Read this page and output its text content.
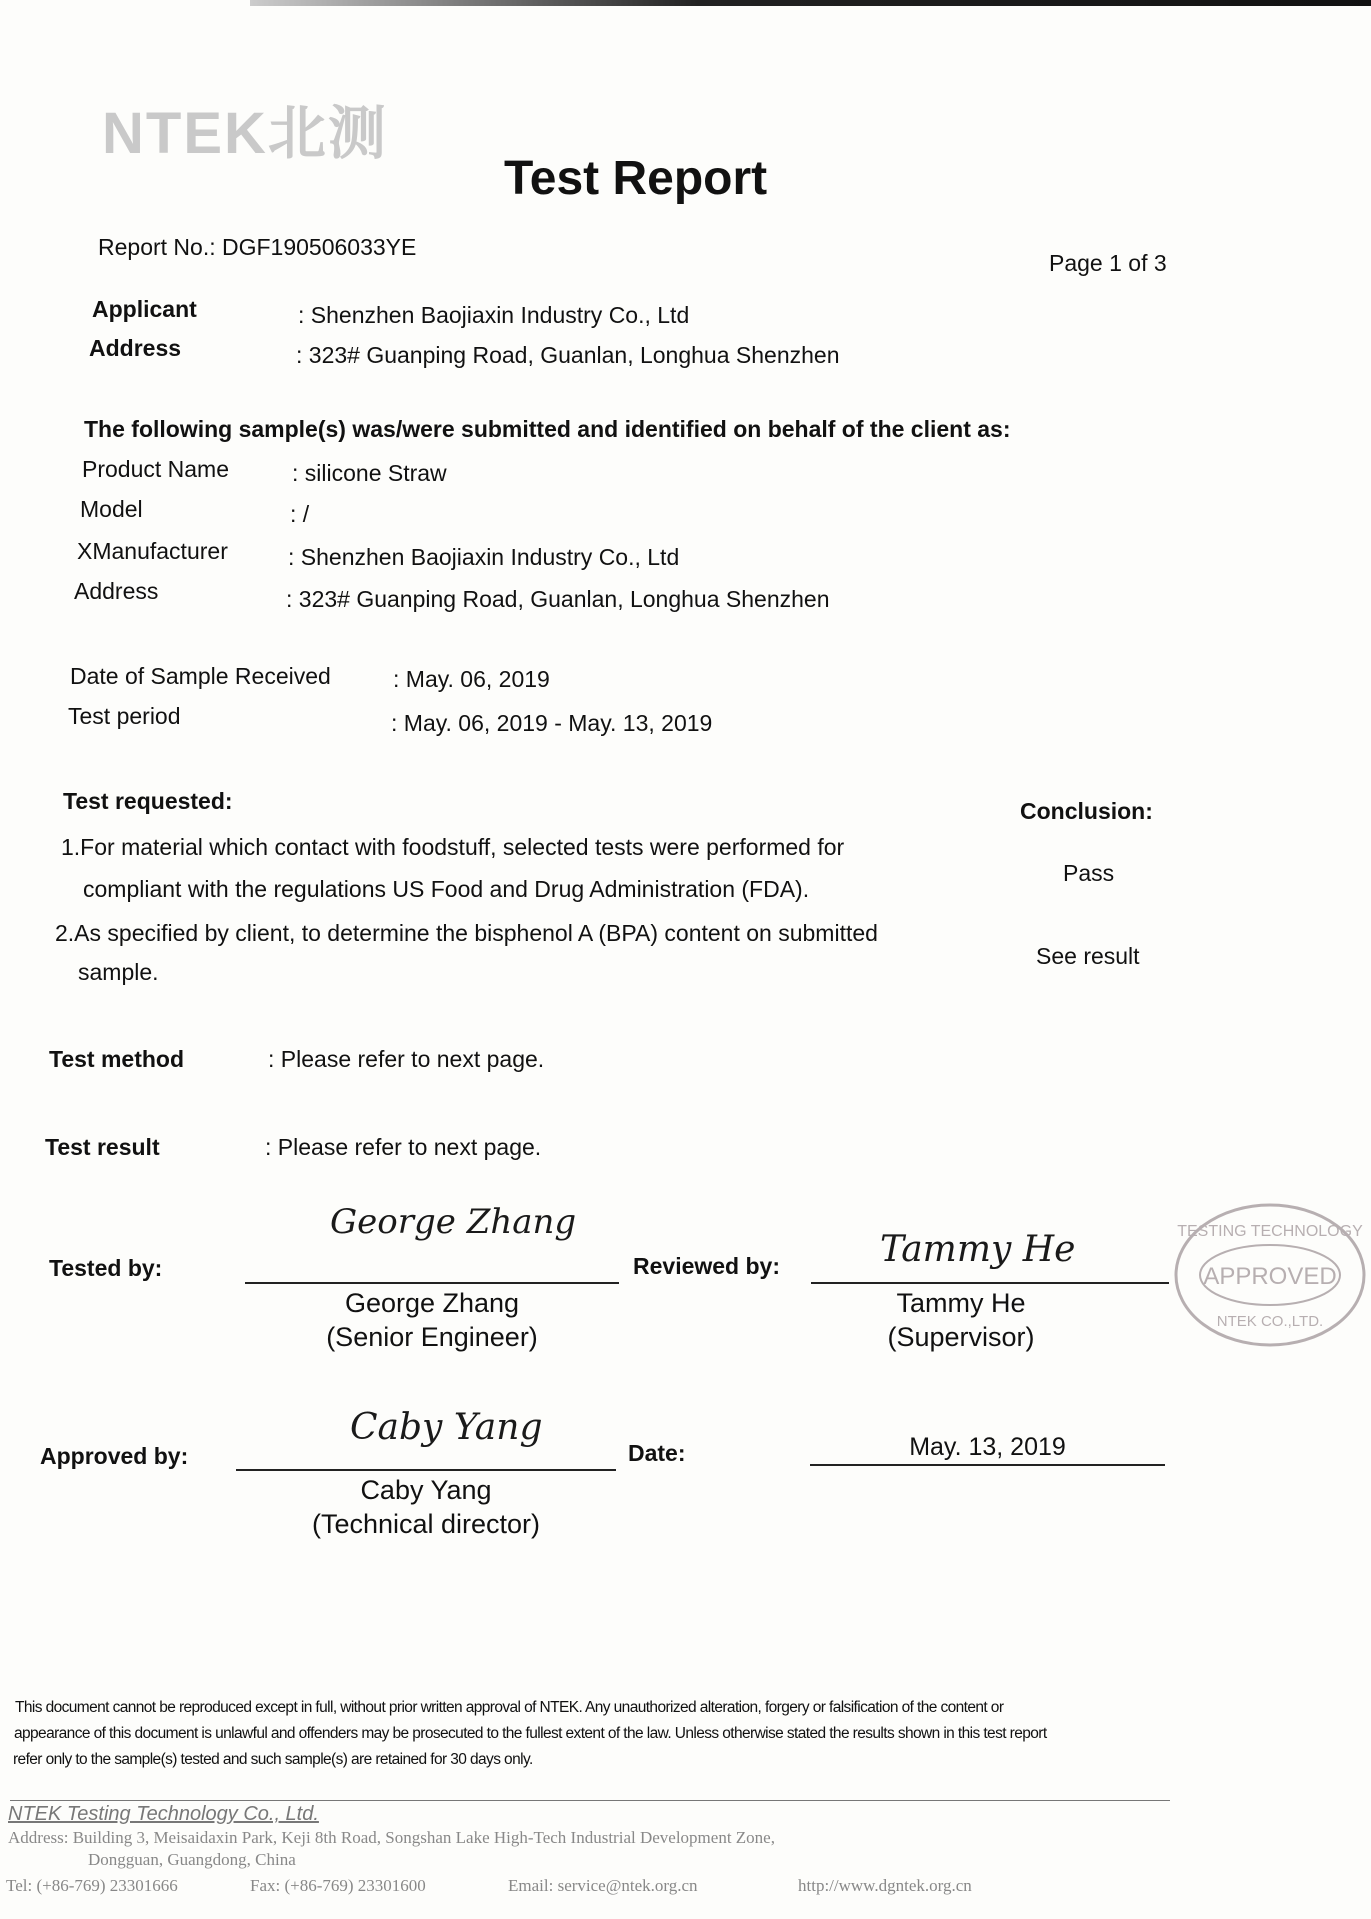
NTEK北测
Test Report
Report No.: DGF190506033YE
Page 1 of 3
Applicant	: Shenzhen Baojiaxin Industry Co., Ltd
Address	: 323# Guanping Road, Guanlan, Longhua Shenzhen
The following sample(s) was/were submitted and identified on behalf of the client as:
Product Name	: silicone Straw
Model	: /
XManufacturer	: Shenzhen Baojiaxin Industry Co., Ltd
Address	: 323# Guanping Road, Guanlan, Longhua Shenzhen
Date of Sample Received	: May. 06, 2019
Test period	: May. 06, 2019 - May. 13, 2019
Test requested:	Conclusion:
1.For material which contact with foodstuff, selected tests were performed for
compliant with the regulations US Food and Drug Administration (FDA).
Pass
2.As specified by client, to determine the bisphenol A (BPA) content on submitted
sample.
See result
Test method	: Please refer to next page.
Test result	: Please refer to next page.
Tested by:
George Zhang
George Zhang
(Senior Engineer)
Reviewed by:	Tammy He
Tammy He
(Supervisor)
TESTING TECHNOLOGY
APPROVED
NTEK CO.,LTD.
Approved by:
Caby Yang
Caby Yang
(Technical director)
Date:	May. 13, 2019
This document cannot be reproduced except in full, without prior written approval of NTEK. Any unauthorized alteration, forgery or falsification of the content or
appearance of this document is unlawful and offenders may be prosecuted to the fullest extent of the law. Unless otherwise stated the results shown in this test report
refer only to the sample(s) tested and such sample(s) are retained for 30 days only.
NTEK Testing Technology Co., Ltd.
Address: Building 3, Meisaidaxin Park, Keji 8th Road, Songshan Lake High-Tech Industrial Development Zone,
Dongguan, Guangdong, China
Tel: (+86-769) 23301666	Fax: (+86-769) 23301600	Email: service@ntek.org.cn	http://www.dgntek.org.cn
